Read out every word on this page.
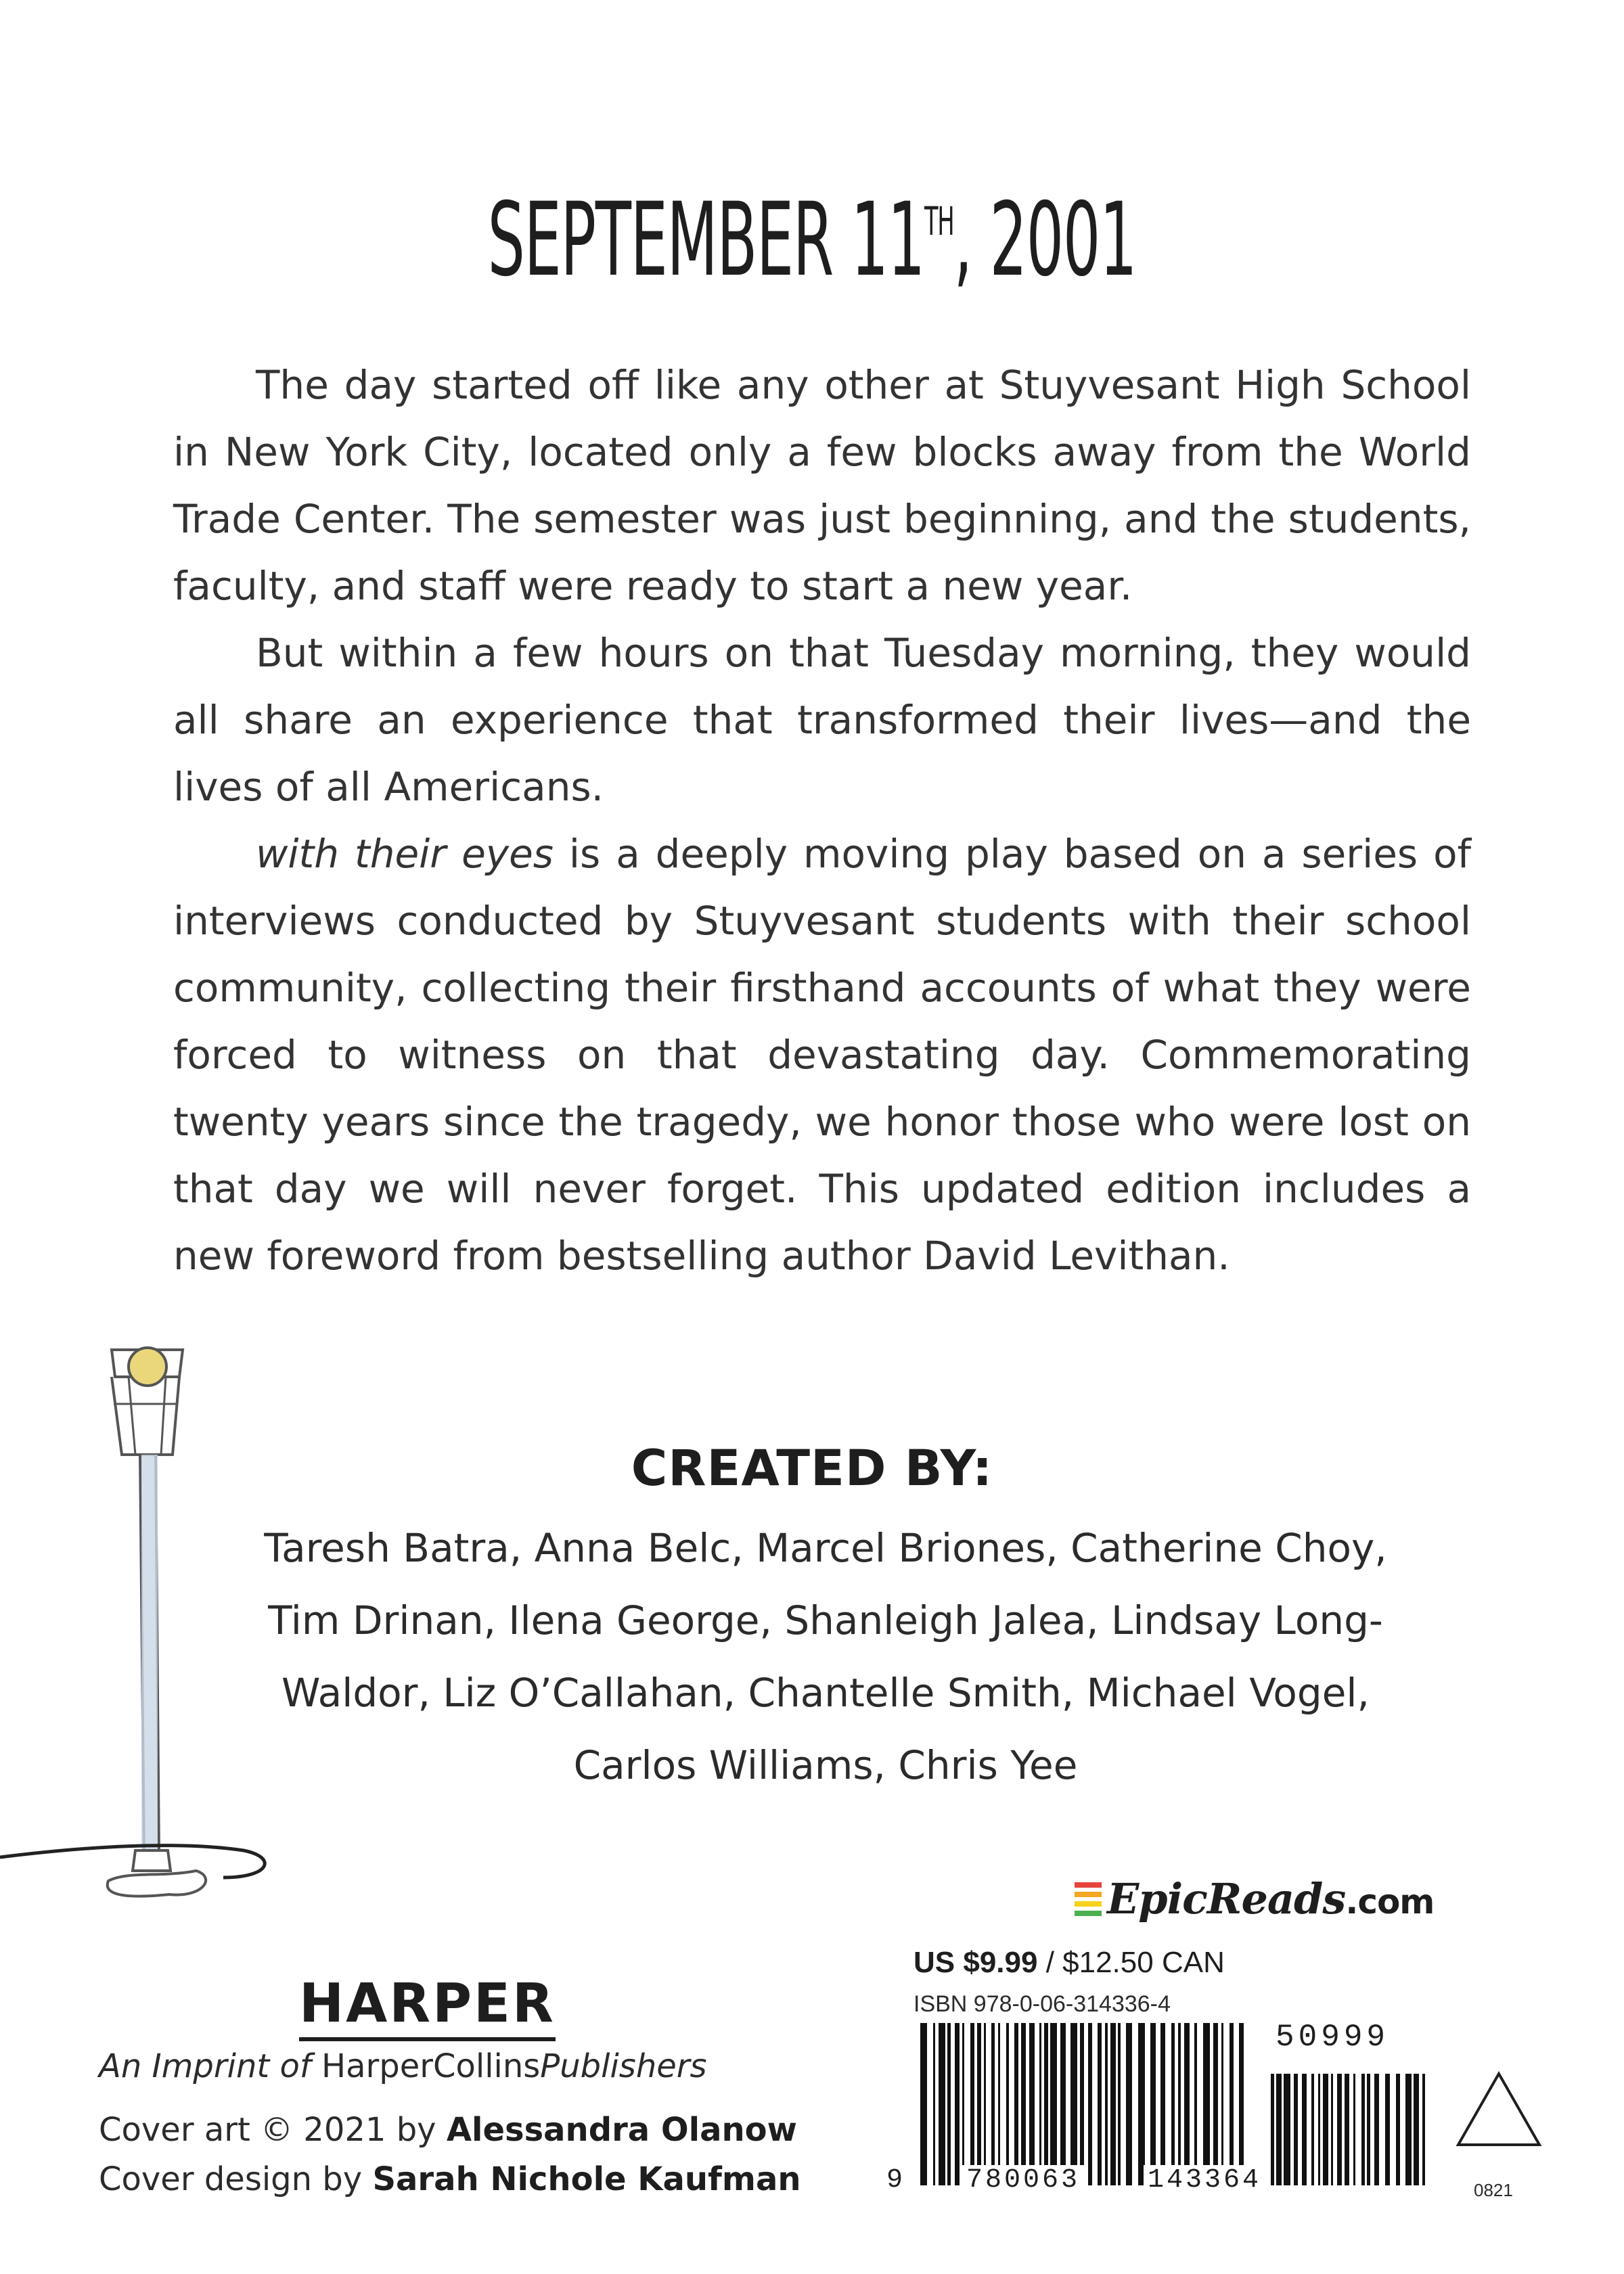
SEPTEMBER 11TH, 2001

The day started off like any other at Stuyvesant High School in New York City, located only a few blocks away from the World Trade Center. The semester was just beginning, and the students, faculty, and staff were ready to start a new year.

But within a few hours on that Tuesday morning, they would all share an experience that transformed their lives—and the lives of all Americans.

with their eyes is a deeply moving play based on a series of interviews conducted by Stuyvesant students with their school community, collecting their firsthand accounts of what they were forced to witness on that devastating day. Commemorating twenty years since the tragedy, we honor those who were lost on that day we will never forget. This updated edition includes a new foreword from bestselling author David Levithan.

CREATED BY:
Taresh Batra, Anna Belc, Marcel Briones, Catherine Choy, Tim Drinan, Ilena George, Shanleigh Jalea, Lindsay Long-Waldor, Liz O’Callahan, Chantelle Smith, Michael Vogel, Carlos Williams, Chris Yee
HARPER
An Imprint of HarperCollinsPublishers
Cover art © 2021 by Alessandra Olanow
Cover design by Sarah Nichole Kaufman
EpicReads.com
US $9.99 / $12.50 CAN
ISBN 978-0-06-314336-4
50999
9 780063 143364	0821
